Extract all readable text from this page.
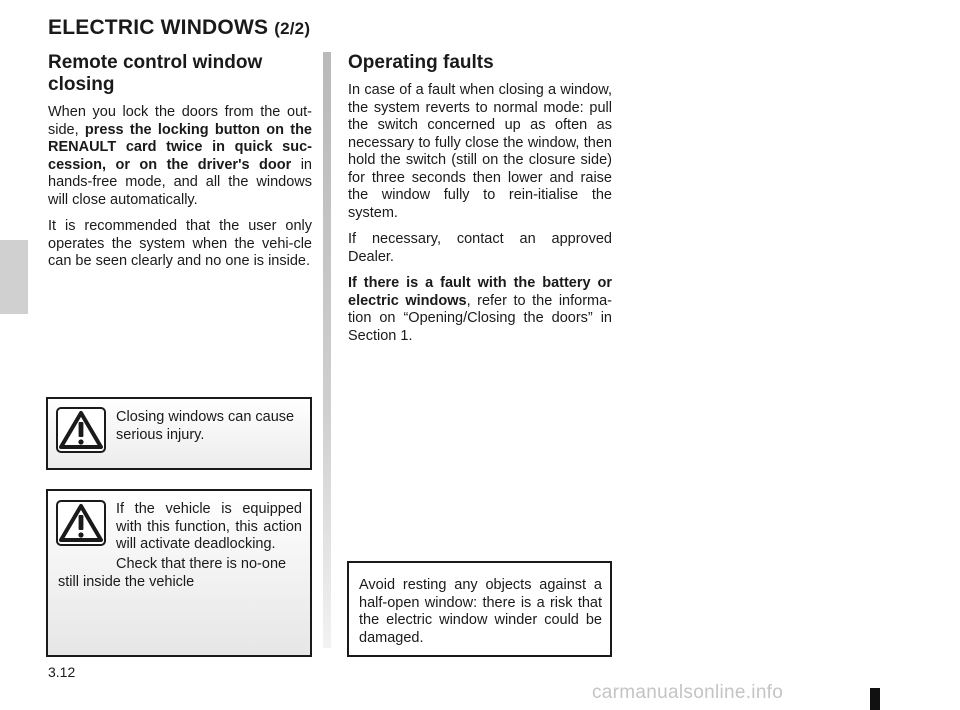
ELECTRIC WINDOWS (2/2)
Remote control window closing

When you lock the doors from the out-side, press the locking button on the RENAULT card twice in quick suc-cession, or on the driver's door in hands-free mode, and all the windows will close automatically.

It is recommended that the user only operates the system when the vehi-cle can be seen clearly and no one is inside.

Operating faults

In case of a fault when closing a window, the system reverts to normal mode: pull the switch concerned up as often as necessary to fully close the window, then hold the switch (still on the closure side) for three seconds then lower and raise the window fully to rein-itialise the system.

If necessary, contact an approved Dealer.

If there is a fault with the battery or electric windows, refer to the informa-tion on “Opening/Closing the doors” in Section 1.

Closing windows can cause serious injury.
If the vehicle is equipped with this function, this action will activate deadlocking.
Check that there is no-one still inside the vehicle	Avoid resting any objects against a half-open window: there is a risk that the electric window winder could be damaged.
3.12
carmanualsonline.info
